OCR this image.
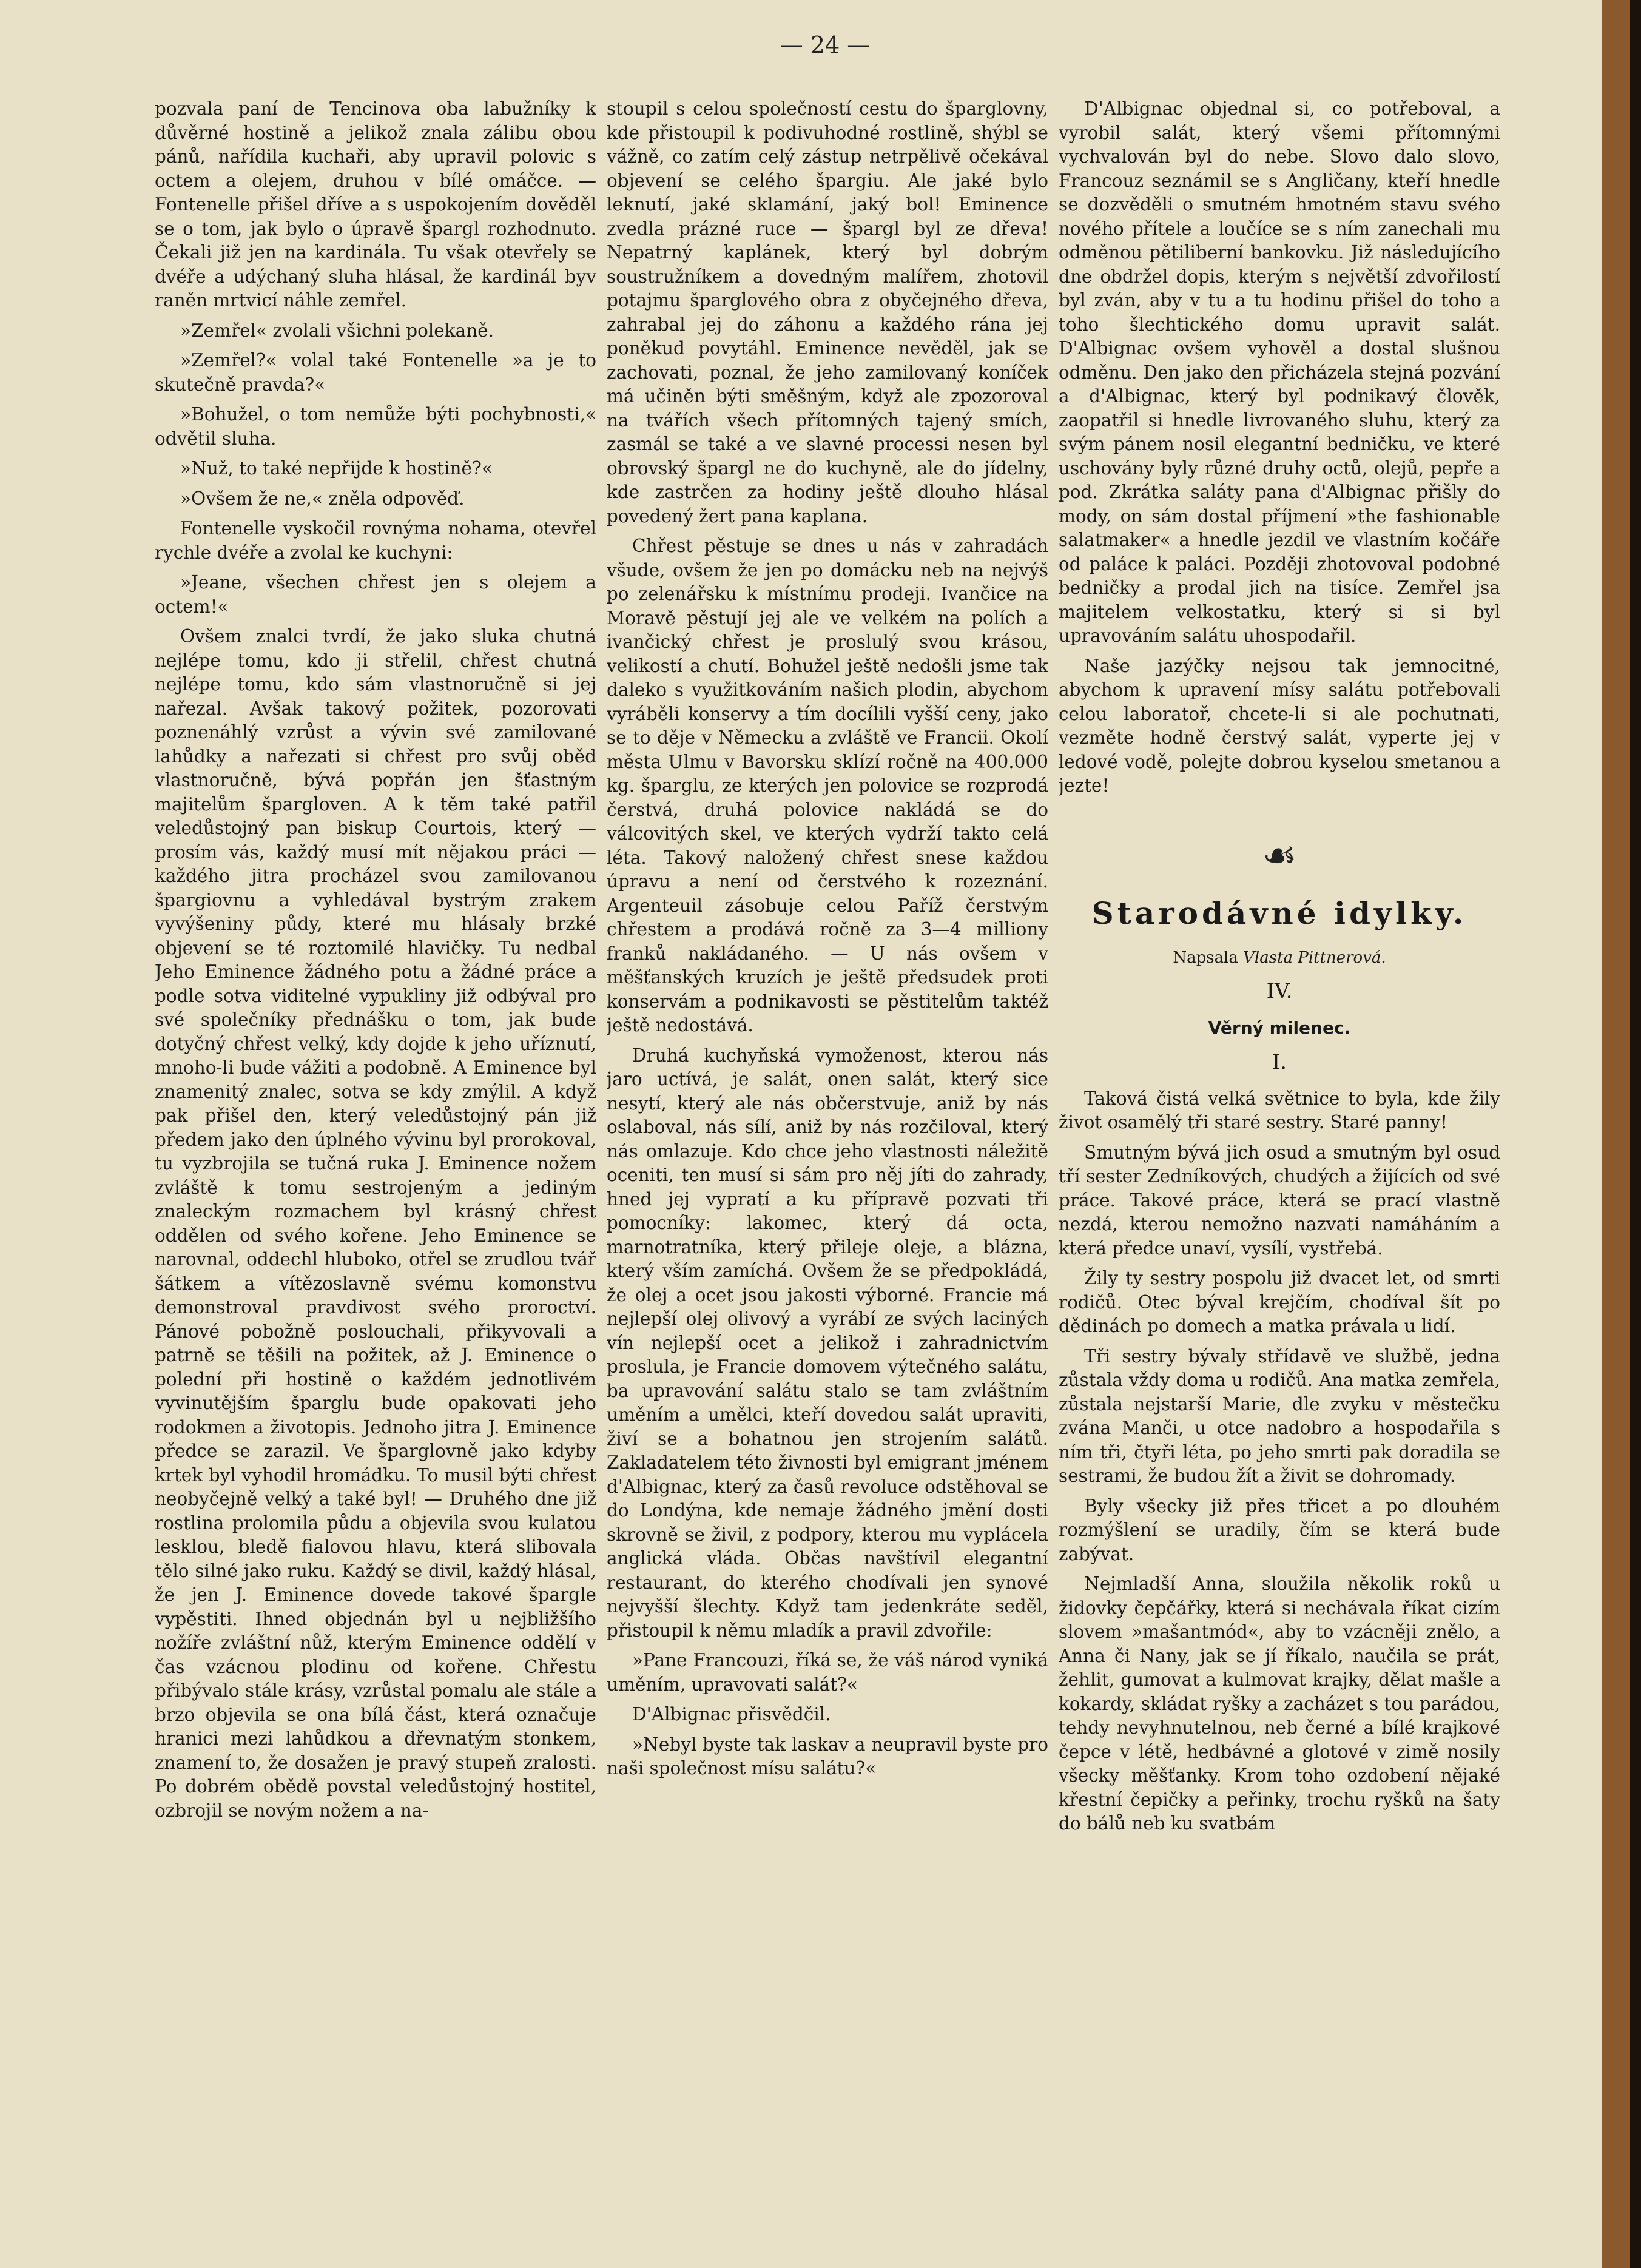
— 24 —

pozvala paní de Tencinova oba labužníky k důvěrné hostině a jelikož znala zálibu obou pánů, nařídila kuchaři, aby upravil polovic s octem a olejem, druhou v bílé omáčce. — Fontenelle přišel dříve a s uspokojením dověděl se o tom, jak bylo o úpravě špargl rozhodnuto. Čekali již jen na kardinála. Tu však otevřely se dvéře a udýchaný sluha hlásal, že kardinál byv raněn mrtvicí náhle zemřel.

»Zemřel« zvolali všichni polekaně.

»Zemřel?« volal také Fontenelle »a je to skutečně pravda?«

»Bohužel, o tom nemůže býti pochybnosti,« odvětil sluha.

»Nuž, to také nepřijde k hostině?«

»Ovšem že ne,« zněla odpověď.

Fontenelle vyskočil rovnýma nohama, otevřel rychle dvéře a zvolal ke kuchyni:

»Jeane, všechen chřest jen s olejem a octem!«

Ovšem znalci tvrdí, že jako sluka chutná nejlépe tomu, kdo ji střelil, chřest chutná nejlépe tomu, kdo sám vlastnoručně si jej nařezal. Avšak takový požitek, pozorovati poznenáhlý vzrůst a vývin své zamilované lahůdky a nařezati si chřest pro svůj oběd vlastnoručně, bývá popřán jen šťastným majitelům špargloven. A k těm také patřil veledůstojný pan biskup Courtois, který — prosím vás, každý musí mít nějakou práci — každého jitra procházel svou zamilovanou špargiovnu a vyhledával bystrým zrakem vyvýšeniny půdy, které mu hlásaly brzké objevení se té roztomilé hlavičky. Tu nedbal Jeho Eminence žádného potu a žádné práce a podle sotva viditelné vypukliny již odbýval pro své společníky přednášku o tom, jak bude dotyčný chřest velký, kdy dojde k jeho uříznutí, mnoho-li bude vážiti a podobně. A Eminence byl znamenitý znalec, sotva se kdy zmýlil. A když pak přišel den, který veledůstojný pán již předem jako den úplného vývinu byl prorokoval, tu vyzbrojila se tučná ruka J. Eminence nožem zvláště k tomu sestrojeným a jediným znaleckým rozmachem byl krásný chřest oddělen od svého kořene. Jeho Eminence se narovnal, oddechl hluboko, otřel se zrudlou tvář šátkem a vítězoslavně svému komonstvu demonstroval pravdivost svého proroctví. Pánové pobožně poslouchali, přikyvovali a patrně se těšili na požitek, až J. Eminence o polední při hostině o každém jednotlivém vyvinutějším šparglu bude opakovati jeho rodokmen a životopis. Jednoho jitra J. Eminence předce se zarazil. Ve šparglovně jako kdyby krtek byl vyhodil hromádku. To musil býti chřest neobyčejně velký a také byl! — Druhého dne již rostlina prolomila půdu a objevila svou kulatou lesklou, bledě fialovou hlavu, která slibovala tělo silné jako ruku. Každý se divil, každý hlásal, že jen J. Eminence dovede takové špargle vypěstiti. Ihned objednán byl u nejbližšího nožíře zvláštní nůž, kterým Eminence oddělí v čas vzácnou plodinu od kořene. Chřestu přibývalo stále krásy, vzrůstal pomalu ale stále a brzo objevila se ona bílá část, která označuje hranici mezi lahůdkou a dřevnatým stonkem, znamení to, že dosažen je pravý stupeň zralosti. Po dobrém obědě povstal veledůstojný hostitel, ozbrojil se novým nožem a na-

stoupil s celou společností cestu do šparglovny, kde přistoupil k podivuhodné rostlině, shýbl se vážně, co zatím celý zástup netrpělivě očekával objevení se celého špargiu. Ale jaké bylo leknutí, jaké sklamání, jaký bol! Eminence zvedla prázné ruce — špargl byl ze dřeva! Nepatrný kaplánek, který byl dobrým soustružníkem a dovedným malířem, zhotovil potajmu šparglového obra z obyčejného dřeva, zahrabal jej do záhonu a každého rána jej poněkud povytáhl. Eminence nevěděl, jak se zachovati, poznal, že jeho zamilovaný koníček má učiněn býti směšným, když ale zpozoroval na tvářích všech přítomných tajený smích, zasmál se také a ve slavné processi nesen byl obrovský špargl ne do kuchyně, ale do jídelny, kde zastrčen za hodiny ještě dlouho hlásal povedený žert pana kaplana.

Chřest pěstuje se dnes u nás v zahradách všude, ovšem že jen po domácku neb na nejvýš po zelenářsku k místnímu prodeji. Ivančice na Moravě pěstují jej ale ve velkém na polích a ivančický chřest je proslulý svou krásou, velikostí a chutí. Bohužel ještě nedošli jsme tak daleko s využitkováním našich plodin, abychom vyráběli konservy a tím docílili vyšší ceny, jako se to děje v Německu a zvláště ve Francii. Okolí města Ulmu v Bavorsku sklízí ročně na 400.000 kg. šparglu, ze kterých jen polovice se rozprodá čerstvá, druhá polovice nakládá se do válcovitých skel, ve kterých vydrží takto celá léta. Takový naložený chřest snese každou úpravu a není od čerstvého k rozeznání. Argenteuil zásobuje celou Paříž čerstvým chřestem a prodává ročně za 3—4 milliony franků nakládaného. — U nás ovšem v měšťanských kruzích je ještě předsudek proti konservám a podnikavosti se pěstitelům taktéž ještě nedostává.

Druhá kuchyňská vymoženost, kterou nás jaro uctívá, je salát, onen salát, který sice nesytí, který ale nás občerstvuje, aniž by nás oslaboval, nás sílí, aniž by nás rozčiloval, který nás omlazuje. Kdo chce jeho vlastnosti náležitě oceniti, ten musí si sám pro něj jíti do zahrady, hned jej vypratí a ku přípravě pozvati tři pomocníky: lakomec, který dá octa, marnotratníka, který přileje oleje, a blázna, který vším zamíchá. Ovšem že se předpokládá, že olej a ocet jsou jakosti výborné. Francie má nejlepší olej olivový a vyrábí ze svých laciných vín nejlepší ocet a jelikož i zahradnictvím proslula, je Francie domovem výtečného salátu, ba upravování salátu stalo se tam zvláštním uměním a umělci, kteří dovedou salát upraviti, živí se a bohatnou jen strojením salátů. Zakladatelem této živnosti byl emigrant jménem d'Albignac, který za časů revoluce odstěhoval se do Londýna, kde nemaje žádného jmění dosti skrovně se živil, z podpory, kterou mu vyplácela anglická vláda. Občas navštívil elegantní restaurant, do kterého chodívali jen synové nejvyšší šlechty. Když tam jedenkráte seděl, přistoupil k němu mladík a pravil zdvořile:

»Pane Francouzi, říká se, že váš národ vyniká uměním, upravovati salát?«

D'Albignac přisvědčil.

»Nebyl byste tak laskav a neupravil byste pro naši společnost mísu salátu?«

D'Albignac objednal si, co potřeboval, a vyrobil salát, který všemi přítomnými vychvalován byl do nebe. Slovo dalo slovo, Francouz seznámil se s Angličany, kteří hnedle se dozvěděli o smutném hmotném stavu svého nového přítele a loučíce se s ním zanechali mu odměnou pětiliberní bankovku. Již následujícího dne obdržel dopis, kterým s největší zdvořilostí byl zván, aby v tu a tu hodinu přišel do toho a toho šlechtického domu upravit salát. D'Albignac ovšem vyhověl a dostal slušnou odměnu. Den jako den přicházela stejná pozvání a d'Albignac, který byl podnikavý člověk, zaopatřil si hnedle livrovaného sluhu, který za svým pánem nosil elegantní bedničku, ve které uschovány byly různé druhy octů, olejů, pepře a pod. Zkrátka saláty pana d'Albignac přišly do mody, on sám dostal příjmení »the fashionable salatmaker« a hnedle jezdil ve vlastním kočáře od paláce k paláci. Později zhotovoval podobné bedničky a prodal jich na tisíce. Zemřel jsa majitelem velkostatku, který si si byl upravováním salátu uhospodařil.

Naše jazýčky nejsou tak jemnocitné, abychom k upravení mísy salátu potřebovali celou laboratoř, chcete-li si ale pochutnati, vezměte hodně čerstvý salát, vyperte jej v ledové vodě, polejte dobrou kyselou smetanou a jezte!

☙
Starodávné idylky.
Napsala Vlasta Pittnerová.
IV.
Věrný milenec.
I.

Taková čistá velká světnice to byla, kde žily život osamělý tři staré sestry. Staré panny!

Smutným bývá jich osud a smutným byl osud tří sester Zedníkových, chudých a žijících od své práce. Takové práce, která se prací vlastně nezdá, kterou nemožno nazvati namáháním a která předce unaví, vysílí, vystřebá.

Žily ty sestry pospolu již dvacet let, od smrti rodičů. Otec býval krejčím, chodíval šít po dědinách po domech a matka právala u lidí.

Tři sestry bývaly střídavě ve službě, jedna zůstala vždy doma u rodičů. Ana matka zemřela, zůstala nejstarší Marie, dle zvyku v městečku zvána Manči, u otce nadobro a hospodařila s ním tři, čtyři léta, po jeho smrti pak doradila se sestrami, že budou žít a živit se dohromady.

Byly všecky již přes třicet a po dlouhém rozmýšlení se uradily, čím se která bude zabývat.

Nejmladší Anna, sloužila několik roků u židovky čepčářky, která si nechávala říkat cizím slovem »mašantmód«, aby to vzácněji znělo, a Anna či Nany, jak se jí říkalo, naučila se prát, žehlit, gumovat a kulmovat krajky, dělat mašle a kokardy, skládat ryšky a zacházet s tou parádou, tehdy nevyhnutelnou, neb černé a bílé krajkové čepce v létě, hedbávné a glotové v zimě nosily všecky měšťanky. Krom toho ozdobení nějaké křestní čepičky a peřinky, trochu ryšků na šaty do bálů neb ku svatbám
